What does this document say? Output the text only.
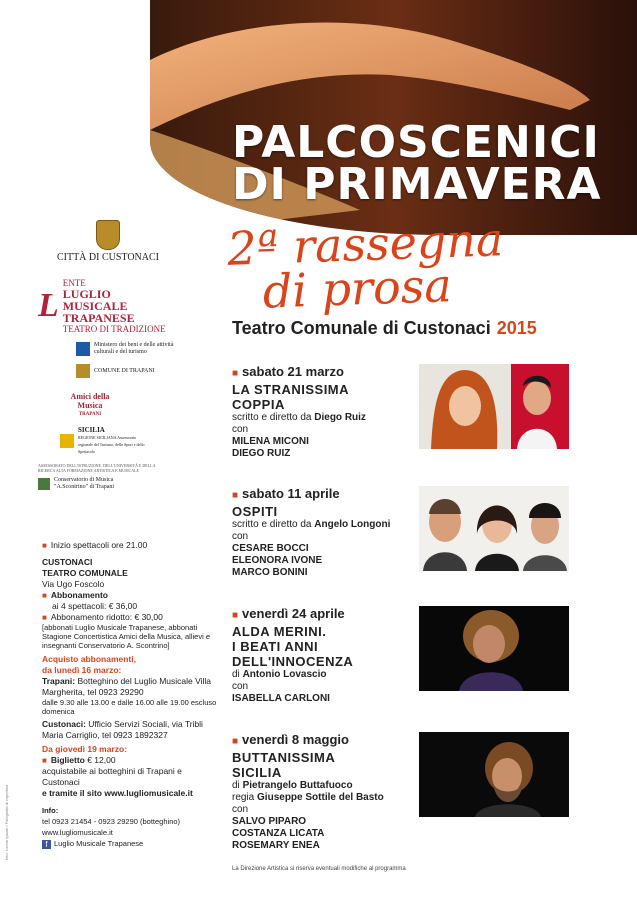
PALCOSCENICI
DI PRIMAVERA
2ª rassegna
di prosa
Teatro Comunale di Custonaci 2015
CITTÀ DI CUSTONACI
L
ENTE
LUGLIO MUSICALE TRAPANESE
TEATRO DI TRADIZIONE
Ministero dei beni e delle attività culturali e del turismo
COMUNE DI TRAPANI
Amici della Musica
TRAPANI
SICILIA
REGIONE SICILIANA Assessorato regionale del Turismo, dello Sport e dello Spettacolo
ASSESSORATO DELL'ISTRUZIONE, DELL'UNIVERSITÀ E DELLA RICERCA ALTA FORMAZIONE ARTISTICA E MUSICALE
Conservatorio di Musica "A.Scontrino" di Trapani
■ Inizio spettacoli ore 21.00
CUSTONACI
TEATRO COMUNALE
Via Ugo Foscolo
■ Abbonamento
ai 4 spettacoli: € 36,00
■ Abbonamento ridotto: € 30,00
[abbonati Luglio Musicale Trapanese, abbonati Stagione Concertistica Amici della Musica, allievi e insegnanti Conservatorio A. Scontrino]
Acquisto abbonamenti,
da lunedì 16 marzo:
Trapani: Botteghino del Luglio Musicale Villa Margherita, tel 0923 29290
dalle 9.30 alle 13.00 e dalle 16.00 alle 19.00 escluso domenica
Custonaci: Ufficio Servizi Sociali, via Tribli Maria Carriglio, tel 0923 1892327
Da giovedì 19 marzo:
■ Biglietto € 12,00
acquistabile ai botteghini di Trapani e Custonaci
e tramite il sito www.lugliomusicale.it
Info:
tel 0923 21454 - 0923 29290 (botteghino)
www.lugliomusicale.it
f Luglio Musicale Trapanese
foto: Lorem Ipsum / Fotografia di copertina
■ sabato 21 marzo
LA STRANISSIMA
COPPIA
scritto e diretto da Diego Ruiz
con
MILENA MICONI
DIEGO RUIZ
■ sabato 11 aprile
OSPITI
scritto e diretto da Angelo Longoni
con
CESARE BOCCI
ELEONORA IVONE
MARCO BONINI
■ venerdì 24 aprile
ALDA MERINI.
I BEATI ANNI
DELL'INNOCENZA
di Antonio Lovascio
con
ISABELLA CARLONI
■ venerdì 8 maggio
BUTTANISSIMA
SICILIA
di Pietrangelo Buttafuoco
regia Giuseppe Sottile del Basto
con
SALVO PIPARO
COSTANZA LICATA
ROSEMARY ENEA
La Direzione Artistica si riserva eventuali modifiche al programma
